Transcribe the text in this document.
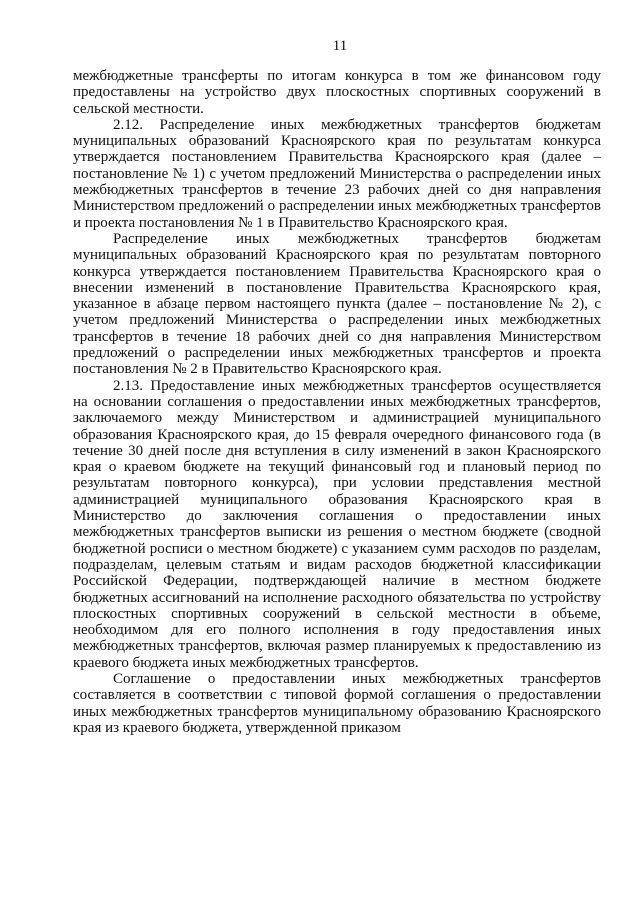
11

межбюджетные трансферты по итогам конкурса в том же финансовом году предоставлены на устройство двух плоскостных спортивных сооружений в сельской местности.

2.12. Распределение иных межбюджетных трансфертов бюджетам муниципальных образований Красноярского края по результатам конкурса утверждается постановлением Правительства Красноярского края (далее – постановление № 1) с учетом предложений Министерства о распределении иных межбюджетных трансфертов в течение 23 рабочих дней со дня направления Министерством предложений о распределении иных межбюджетных трансфертов и проекта постановления № 1 в Правительство Красноярского края.

Распределение иных межбюджетных трансфертов бюджетам муниципальных образований Красноярского края по результатам повторного конкурса утверждается постановлением Правительства Красноярского края о внесении изменений в постановление Правительства Красноярского края, указанное в абзаце первом настоящего пункта (далее – постановление № 2), с учетом предложений Министерства о распределении иных межбюджетных трансфертов в течение 18 рабочих дней со дня направления Министерством предложений о распределении иных межбюджетных трансфертов и проекта постановления № 2 в Правительство Красноярского края.

2.13. Предоставление иных межбюджетных трансфертов осуществляется на основании соглашения о предоставлении иных межбюджетных трансфертов, заключаемого между Министерством и администрацией муниципального образования Красноярского края, до 15 февраля очередного финансового года (в течение 30 дней после дня вступления в силу изменений в закон Красноярского края о краевом бюджете на текущий финансовый год и плановый период по результатам повторного конкурса), при условии представления местной администрацией муниципального образования Красноярского края в Министерство до заключения соглашения о предоставлении иных межбюджетных трансфертов выписки из решения о местном бюджете (сводной бюджетной росписи о местном бюджете) с указанием сумм расходов по разделам, подразделам, целевым статьям и видам расходов бюджетной классификации Российской Федерации, подтверждающей наличие в местном бюджете бюджетных ассигнований на исполнение расходного обязательства по устройству плоскостных спортивных сооружений в сельской местности в объеме, необходимом для его полного исполнения в году предоставления иных межбюджетных трансфертов, включая размер планируемых к предоставлению из краевого бюджета иных межбюджетных трансфертов.

Соглашение о предоставлении иных межбюджетных трансфертов составляется в соответствии с типовой формой соглашения о предоставлении иных межбюджетных трансфертов муниципальному образованию Красноярского края из краевого бюджета, утвержденной приказом
